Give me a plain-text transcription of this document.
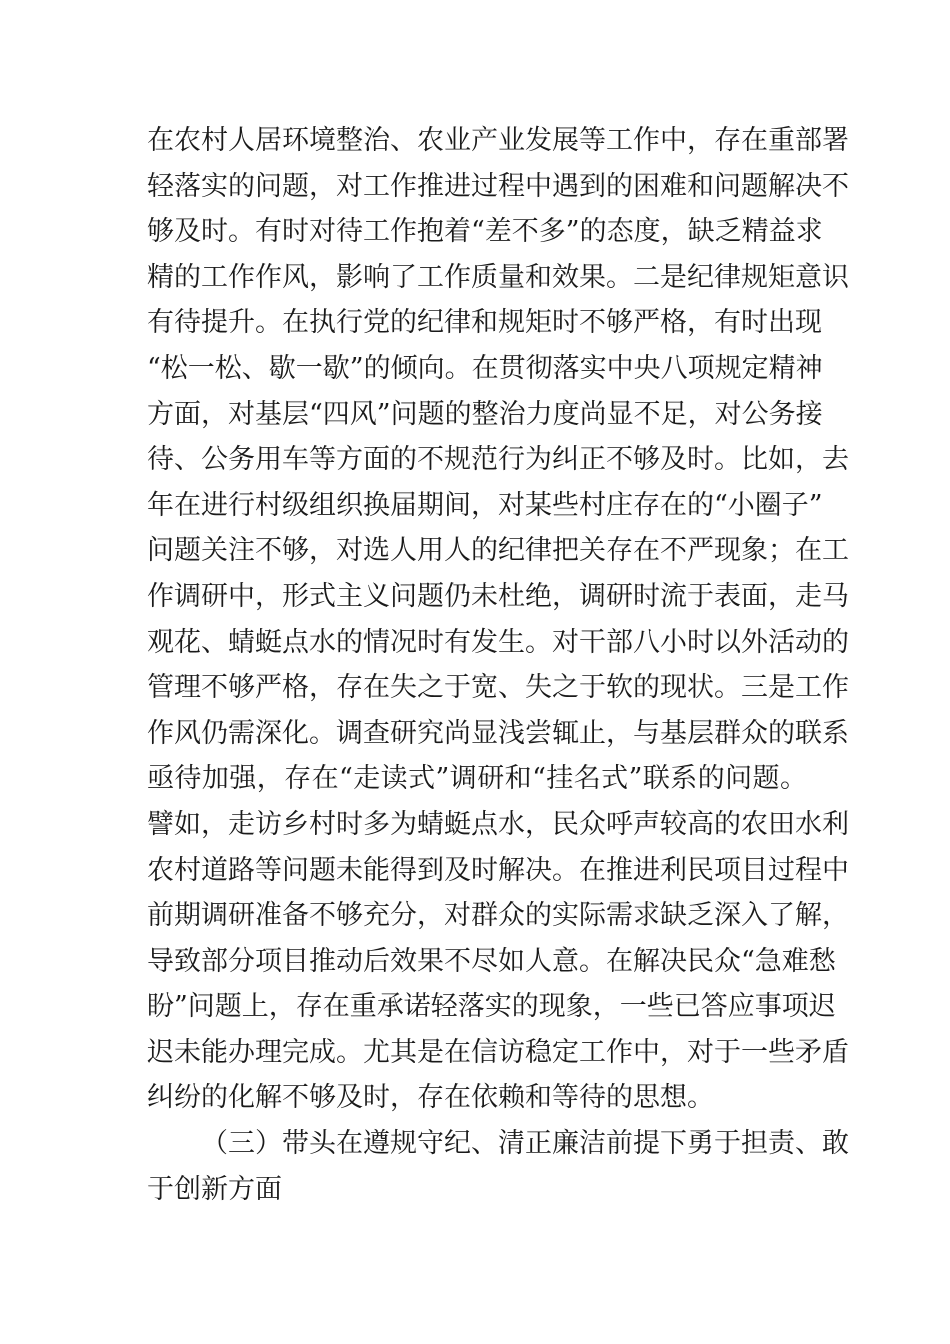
在农村人居环境整治、农业产业发展等工作中，存在重部署
轻落实的问题，对工作推进过程中遇到的困难和问题解决不
够及时。有时对待工作抱着“差不多”的态度，缺乏精益求
精的工作作风，影响了工作质量和效果。二是纪律规矩意识
有待提升。在执行党的纪律和规矩时不够严格，有时出现
“松一松、歇一歇”的倾向。在贯彻落实中央八项规定精神
方面，对基层“四风”问题的整治力度尚显不足，对公务接
待、公务用车等方面的不规范行为纠正不够及时。比如，去
年在进行村级组织换届期间，对某些村庄存在的“小圈子”
问题关注不够，对选人用人的纪律把关存在不严现象；在工
作调研中，形式主义问题仍未杜绝，调研时流于表面，走马
观花、蜻蜓点水的情况时有发生。对干部八小时以外活动的
管理不够严格，存在失之于宽、失之于软的现状。三是工作
作风仍需深化。调查研究尚显浅尝辄止，与基层群众的联系
亟待加强，存在“走读式”调研和“挂名式”联系的问题。
譬如，走访乡村时多为蜻蜓点水，民众呼声较高的农田水利
农村道路等问题未能得到及时解决。在推进利民项目过程中
前期调研准备不够充分，对群众的实际需求缺乏深入了解，
导致部分项目推动后效果不尽如人意。在解决民众“急难愁
盼”问题上，存在重承诺轻落实的现象，一些已答应事项迟
迟未能办理完成。尤其是在信访稳定工作中，对于一些矛盾
纠纷的化解不够及时，存在依赖和等待的思想。
（三）带头在遵规守纪、清正廉洁前提下勇于担责、敢
于创新方面
